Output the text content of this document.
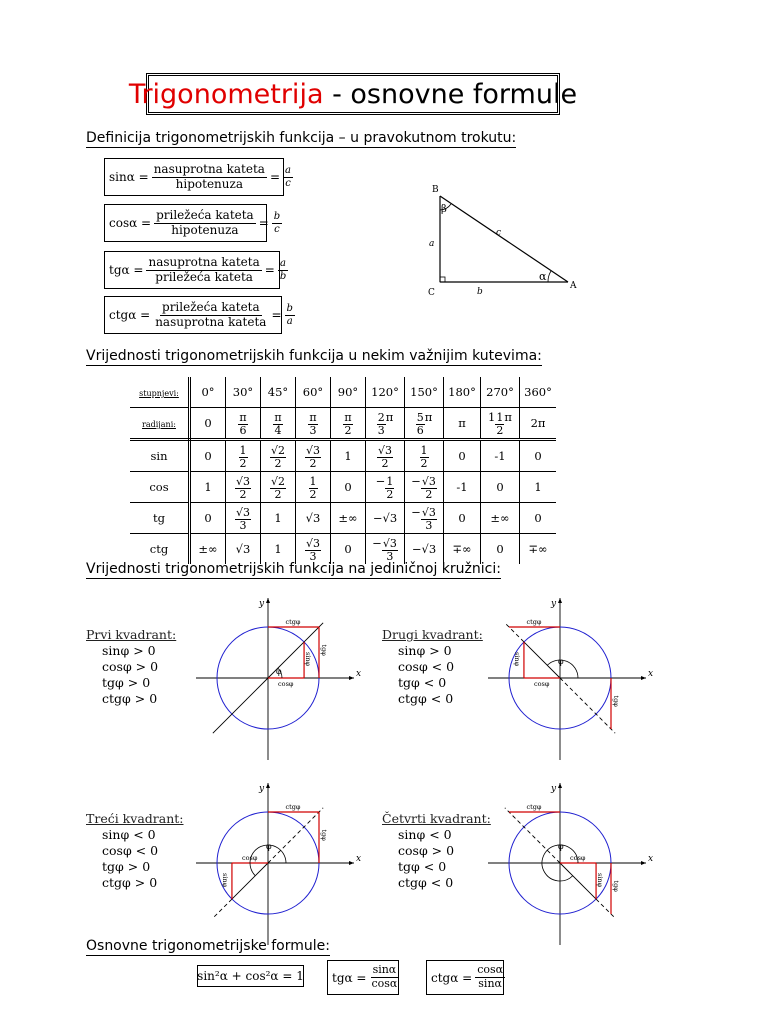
Trigonometrija - osnovne formule
Definicija trigonometrijskih funkcija – u pravokutnom trokutu:
$\sin\alpha = \frac{\text{nasuprotna kateta}}{\text{hipotenuza}} = \frac{a}{c}$
$\cos\alpha = \frac{\text{priležeća kateta}}{\text{hipotenuza}} = \frac{b}{c}$
$tg\alpha = \frac{\text{nasuprotna kateta}}{\text{priležeća kateta}} = \frac{a}{b}$
$ctg\alpha = \frac{\text{priležeća kateta}}{\text{nasuprotna kateta}} = \frac{b}{a}$
B
C
A
a
b
c
α
β
Vrijednosti trigonometrijskih funkcija u nekim važnijim kutevima:
stupnjevi:	0°	30°	45°	60°	90°	120°	150°	180°	270°	360°
radijani:	0	$\frac{\pi}{6}$	$\frac{\pi}{4}$	$\frac{\pi}{3}$	$\frac{\pi}{2}$	$\frac{2}{3}$ π	$\frac{5}{6}$ π	π	$1 \frac{1}{2}$ π	2π
sin	0	$\frac{1}{2}$	$\frac{√2}{2}$	$\frac{√3}{2}$	1	$\frac{√3}{2}$	$\frac{1}{2}$	0	-1	0
cos	1	$\frac{√3}{2}$	$\frac{√2}{2}$	$\frac{1}{2}$	0	− $\frac{1}{2}$	− $\frac{√3}{2}$	-1	0	1
tg	0	$\frac{√3}{3}$	1	√3	±∞	−√3	− $\frac{√3}{3}$	0	±∞	0
ctg	±∞	√3	1	$\frac{√3}{3}$	0	− $\frac{√3}{3}$	−√3	∓∞	0	∓∞
Vrijednosti trigonometrijskih funkcija na jediničnoj kružnici:
Prvi kvadrant:
sinφ > 0
cosφ > 0
tgφ > 0
ctgφ > 0
Drugi kvadrant:
sinφ > 0
cosφ < 0
tgφ < 0
ctgφ < 0
Treći kvadrant:
sinφ < 0
cosφ < 0
tgφ > 0
ctgφ > 0
Četvrti kvadrant:
sinφ < 0
cosφ > 0
tgφ < 0
ctgφ < 0
x
y
φ
ctgφ
cosφ
sinφ
tgφ
x
y
φ
ctgφ
cosφ
sinφ
tgφ
x
y
φ
ctgφ
cosφ
sinφ
tgφ
x
y
φ
ctgφ
cosφ
sinφ tgφ
Osnovne trigonometrijske formule:
sin²α + cos²α = 1 $tg\alpha = \frac{\sin\alpha}{\cos\alpha}$	$ctg\alpha = \frac{\cos\alpha}{\sin\alpha}$
